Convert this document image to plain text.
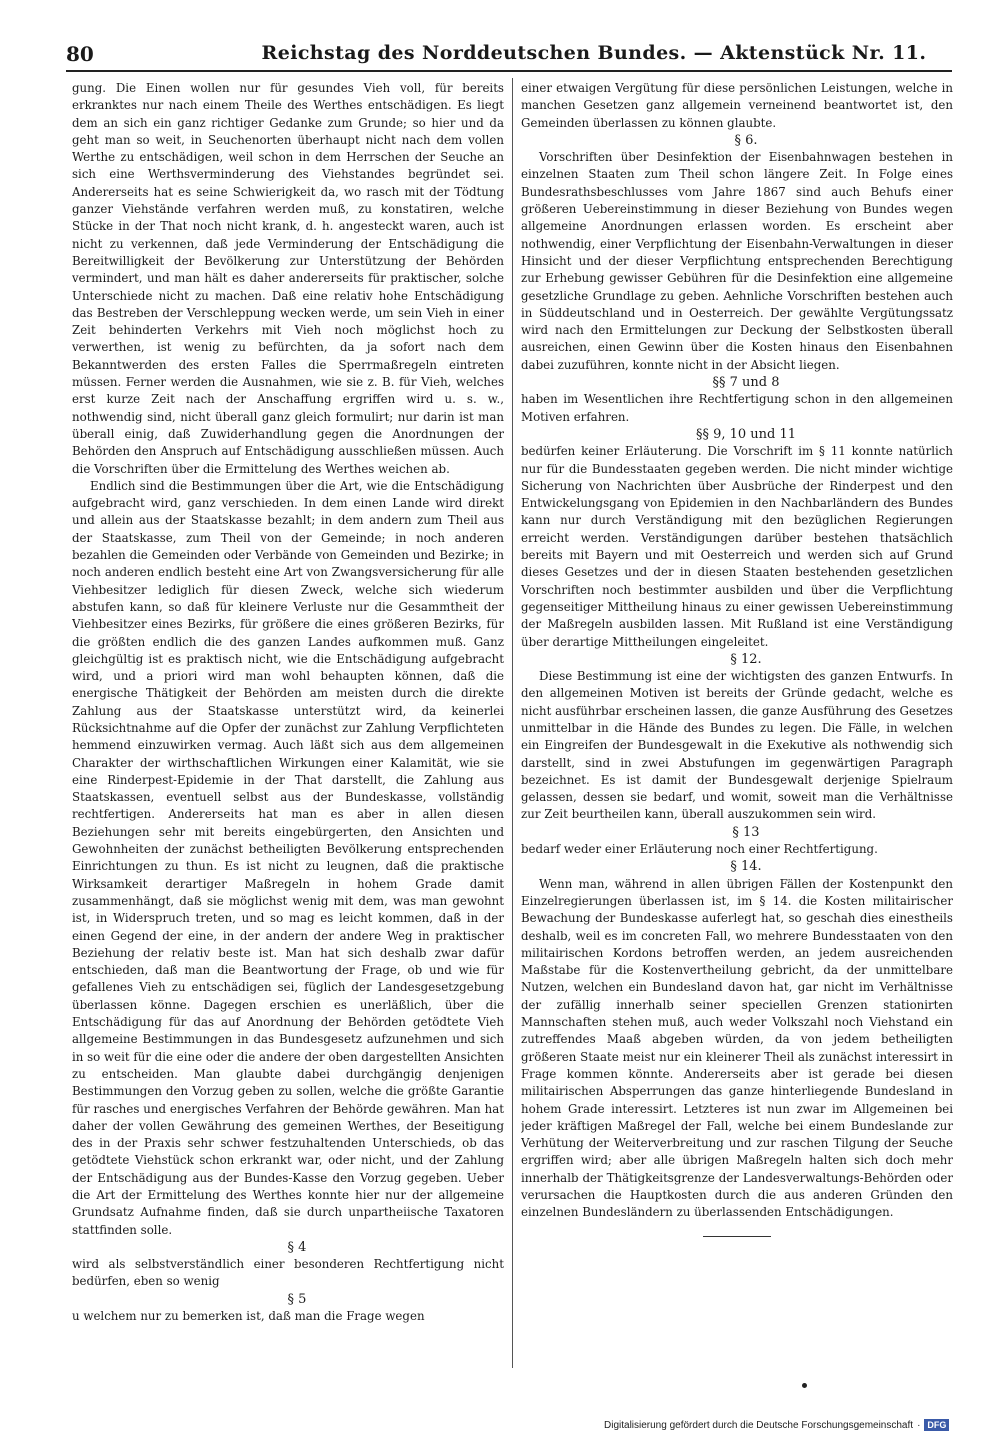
80	Reichstag des Norddeutschen Bundes. — Aktenstück Nr. 11.

gung. Die Einen wollen nur für gesundes Vieh voll, für bereits erkranktes nur nach einem Theile des Werthes entschädigen. Es liegt dem an sich ein ganz richtiger Gedanke zum Grunde; so hier und da geht man so weit, in Seuchenorten überhaupt nicht nach dem vollen Werthe zu entschädigen, weil schon in dem Herrschen der Seuche an sich eine Werthsverminderung des Viehstandes begründet sei. Andererseits hat es seine Schwierigkeit da, wo rasch mit der Tödtung ganzer Viehstände verfahren werden muß, zu konstatiren, welche Stücke in der That noch nicht krank, d. h. angesteckt waren, auch ist nicht zu verkennen, daß jede Verminderung der Entschädigung die Bereitwilligkeit der Bevölkerung zur Unterstützung der Behörden vermindert, und man hält es daher andererseits für praktischer, solche Unterschiede nicht zu machen. Daß eine relativ hohe Entschädigung das Bestreben der Verschleppung wecken werde, um sein Vieh in einer Zeit behinderten Verkehrs mit Vieh noch möglichst hoch zu verwerthen, ist wenig zu befürchten, da ja sofort nach dem Bekanntwerden des ersten Falles die Sperrmaßregeln eintreten müssen. Ferner werden die Ausnahmen, wie sie z. B. für Vieh, welches erst kurze Zeit nach der Anschaffung ergriffen wird u. s. w., nothwendig sind, nicht überall ganz gleich formulirt; nur darin ist man überall einig, daß Zuwiderhandlung gegen die Anordnungen der Behörden den Anspruch auf Entschädigung ausschließen müssen. Auch die Vorschriften über die Ermittelung des Werthes weichen ab.

Endlich sind die Bestimmungen über die Art, wie die Entschädigung aufgebracht wird, ganz verschieden. In dem einen Lande wird direkt und allein aus der Staatskasse bezahlt; in dem andern zum Theil aus der Staatskasse, zum Theil von der Gemeinde; in noch anderen bezahlen die Gemeinden oder Verbände von Gemeinden und Bezirke; in noch anderen endlich besteht eine Art von Zwangsversicherung für alle Viehbesitzer lediglich für diesen Zweck, welche sich wiederum abstufen kann, so daß für kleinere Verluste nur die Gesammtheit der Viehbesitzer eines Bezirks, für größere die eines größeren Bezirks, für die größten endlich die des ganzen Landes aufkommen muß. Ganz gleichgültig ist es praktisch nicht, wie die Entschädigung aufgebracht wird, und a priori wird man wohl behaupten können, daß die energische Thätigkeit der Behörden am meisten durch die direkte Zahlung aus der Staatskasse unterstützt wird, da keinerlei Rücksichtnahme auf die Opfer der zunächst zur Zahlung Verpflichteten hemmend einzuwirken vermag. Auch läßt sich aus dem allgemeinen Charakter der wirthschaftlichen Wirkungen einer Kalamität, wie sie eine Rinderpest-Epidemie in der That darstellt, die Zahlung aus Staatskassen, eventuell selbst aus der Bundeskasse, vollständig rechtfertigen. Andererseits hat man es aber in allen diesen Beziehungen sehr mit bereits eingebürgerten, den Ansichten und Gewohnheiten der zunächst betheiligten Bevölkerung entsprechenden Einrichtungen zu thun. Es ist nicht zu leugnen, daß die praktische Wirksamkeit derartiger Maßregeln in hohem Grade damit zusammenhängt, daß sie möglichst wenig mit dem, was man gewohnt ist, in Widerspruch treten, und so mag es leicht kommen, daß in der einen Gegend der eine, in der andern der andere Weg in praktischer Beziehung der relativ beste ist. Man hat sich deshalb zwar dafür entschieden, daß man die Beantwortung der Frage, ob und wie für gefallenes Vieh zu entschädigen sei, füglich der Landesgesetzgebung überlassen könne. Dagegen erschien es unerläßlich, über die Entschädigung für das auf Anordnung der Behörden getödtete Vieh allgemeine Bestimmungen in das Bundesgesetz aufzunehmen und sich in so weit für die eine oder die andere der oben dargestellten Ansichten zu entscheiden. Man glaubte dabei durchgängig denjenigen Bestimmungen den Vorzug geben zu sollen, welche die größte Garantie für rasches und energisches Verfahren der Behörde gewähren. Man hat daher der vollen Gewährung des gemeinen Werthes, der Beseitigung des in der Praxis sehr schwer festzuhaltenden Unterschieds, ob das getödtete Viehstück schon erkrankt war, oder nicht, und der Zahlung der Entschädigung aus der Bundes-Kasse den Vorzug gegeben. Ueber die Art der Ermittelung des Werthes konnte hier nur der allgemeine Grundsatz Aufnahme finden, daß sie durch unpartheiische Taxatoren stattfinden solle.

§ 4

wird als selbstverständlich einer besonderen Rechtfertigung nicht bedürfen, eben so wenig

§ 5

u welchem nur zu bemerken ist, daß man die Frage wegen

einer etwaigen Vergütung für diese persönlichen Leistungen, welche in manchen Gesetzen ganz allgemein verneinend beantwortet ist, den Gemeinden überlassen zu können glaubte.

§ 6.

Vorschriften über Desinfektion der Eisenbahnwagen bestehen in einzelnen Staaten zum Theil schon längere Zeit. In Folge eines Bundesrathsbeschlusses vom Jahre 1867 sind auch Behufs einer größeren Uebereinstimmung in dieser Beziehung von Bundes wegen allgemeine Anordnungen erlassen worden. Es erscheint aber nothwendig, einer Verpflichtung der Eisenbahn-Verwaltungen in dieser Hinsicht und der dieser Verpflichtung entsprechenden Berechtigung zur Erhebung gewisser Gebühren für die Desinfektion eine allgemeine gesetzliche Grundlage zu geben. Aehnliche Vorschriften bestehen auch in Süddeutschland und in Oesterreich. Der gewählte Vergütungssatz wird nach den Ermittelungen zur Deckung der Selbstkosten überall ausreichen, einen Gewinn über die Kosten hinaus den Eisenbahnen dabei zuzuführen, konnte nicht in der Absicht liegen.

§§ 7 und 8

haben im Wesentlichen ihre Rechtfertigung schon in den allgemeinen Motiven erfahren.

§§ 9, 10 und 11

bedürfen keiner Erläuterung. Die Vorschrift im § 11 konnte natürlich nur für die Bundesstaaten gegeben werden. Die nicht minder wichtige Sicherung von Nachrichten über Ausbrüche der Rinderpest und den Entwickelungsgang von Epidemien in den Nachbarländern des Bundes kann nur durch Verständigung mit den bezüglichen Regierungen erreicht werden. Verständigungen darüber bestehen thatsächlich bereits mit Bayern und mit Oesterreich und werden sich auf Grund dieses Gesetzes und der in diesen Staaten bestehenden gesetzlichen Vorschriften noch bestimmter ausbilden und über die Verpflichtung gegenseitiger Mittheilung hinaus zu einer gewissen Uebereinstimmung der Maßregeln ausbilden lassen. Mit Rußland ist eine Verständigung über derartige Mittheilungen eingeleitet.

§ 12.

Diese Bestimmung ist eine der wichtigsten des ganzen Entwurfs. In den allgemeinen Motiven ist bereits der Gründe gedacht, welche es nicht ausführbar erscheinen lassen, die ganze Ausführung des Gesetzes unmittelbar in die Hände des Bundes zu legen. Die Fälle, in welchen ein Eingreifen der Bundesgewalt in die Exekutive als nothwendig sich darstellt, sind in zwei Abstufungen im gegenwärtigen Paragraph bezeichnet. Es ist damit der Bundesgewalt derjenige Spielraum gelassen, dessen sie bedarf, und womit, soweit man die Verhältnisse zur Zeit beurtheilen kann, überall auszukommen sein wird.

§ 13

bedarf weder einer Erläuterung noch einer Rechtfertigung.

§ 14.

Wenn man, während in allen übrigen Fällen der Kostenpunkt den Einzelregierungen überlassen ist, im § 14. die Kosten militairischer Bewachung der Bundeskasse auferlegt hat, so geschah dies einestheils deshalb, weil es im concreten Fall, wo mehrere Bundesstaaten von den militairischen Kordons betroffen werden, an jedem ausreichenden Maßstabe für die Kostenvertheilung gebricht, da der unmittelbare Nutzen, welchen ein Bundesland davon hat, gar nicht im Verhältnisse der zufällig innerhalb seiner speciellen Grenzen stationirten Mannschaften stehen muß, auch weder Volkszahl noch Viehstand ein zutreffendes Maaß abgeben würden, da von jedem betheiligten größeren Staate meist nur ein kleinerer Theil als zunächst interessirt in Frage kommen könnte. Andererseits aber ist gerade bei diesen militairischen Absperrungen das ganze hinterliegende Bundesland in hohem Grade interessirt. Letzteres ist nun zwar im Allgemeinen bei jeder kräftigen Maßregel der Fall, welche bei einem Bundeslande zur Verhütung der Weiterverbreitung und zur raschen Tilgung der Seuche ergriffen wird; aber alle übrigen Maßregeln halten sich doch mehr innerhalb der Thätigkeitsgrenze der Landesverwaltungs-Behörden oder verursachen die Hauptkosten durch die aus anderen Gründen den einzelnen Bundesländern zu überlassenden Entschädigungen.

Digitalisierung gefördert durch die Deutsche Forschungsgemeinschaft · DFG
